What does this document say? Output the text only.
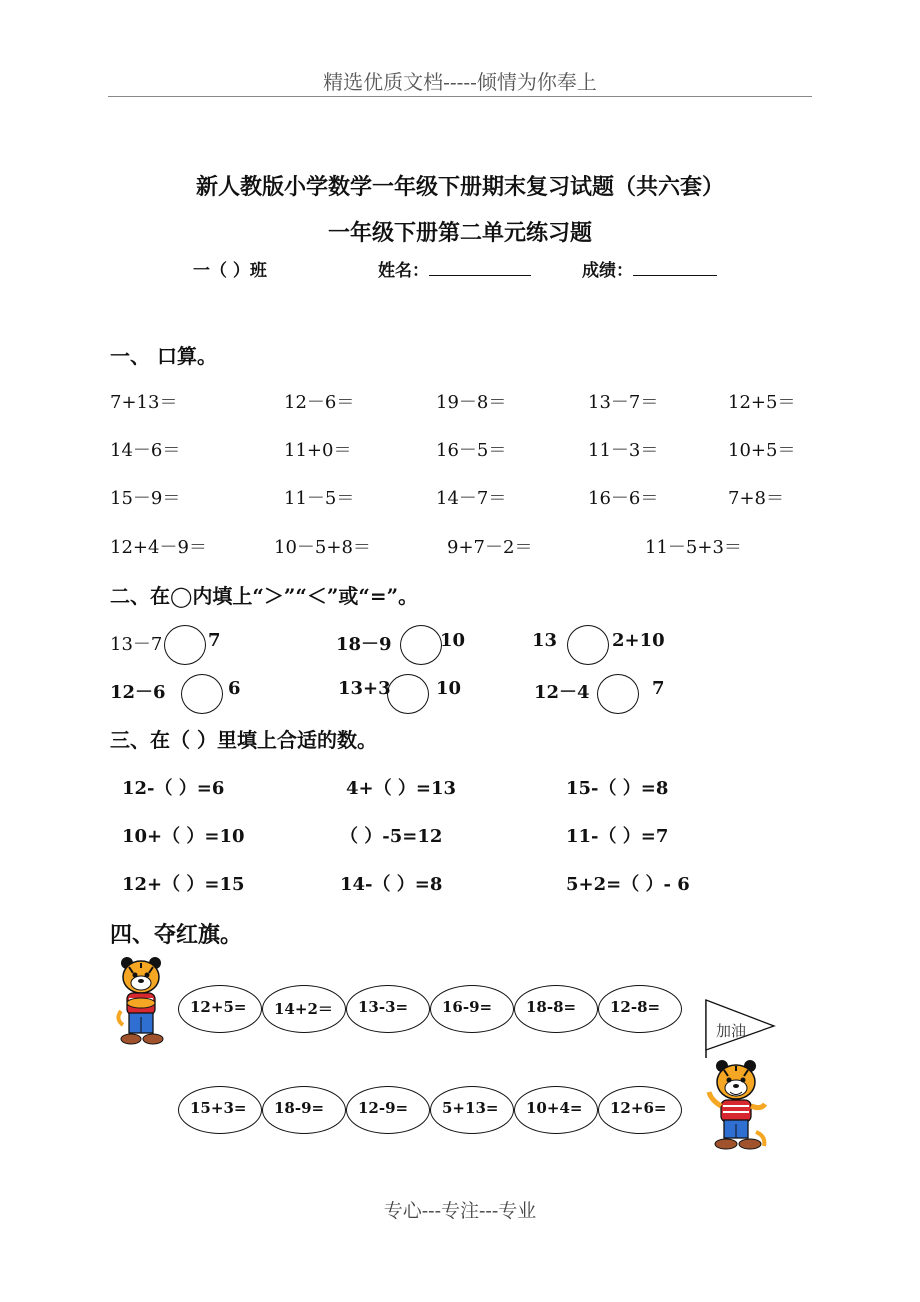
精选优质文档-----倾情为你奉上
新人教版小学数学一年级下册期末复习试题（共六套）
一年级下册第二单元练习题
一（ ）班	姓名：	成绩：
一、 口算。
7+13＝	12－6＝	19－8＝	13－7＝	12+5＝
14－6＝	11+0＝	16－5＝	11－3＝	10+5＝
15－9＝	11－5＝	14－7＝	16－6＝	7+8＝
12+4－9＝	10－5+8＝	9+7－2＝	11－5+3＝
二、在◯内填上“＞”“＜”或“=”。
13－7	7	18－9	10	13	2+10
12－6	6	13+3	10	12－4	7
三、在（ ）里填上合适的数。
12-（ ）=6	4+（ ）=13	15-（ ）=8
10+（ ）=10	（ ）-5=12	11-（ ）=7
12+（ ）=15	14-（ ）=8	5+2=（ ）- 6
四、夺红旗。
12+5= 14+2＝ 13-3= 16-9= 18-8= 12-8=
15+3= 18-9= 12-9= 5+13= 10+4= 12+6=
加油
专心---专注---专业
